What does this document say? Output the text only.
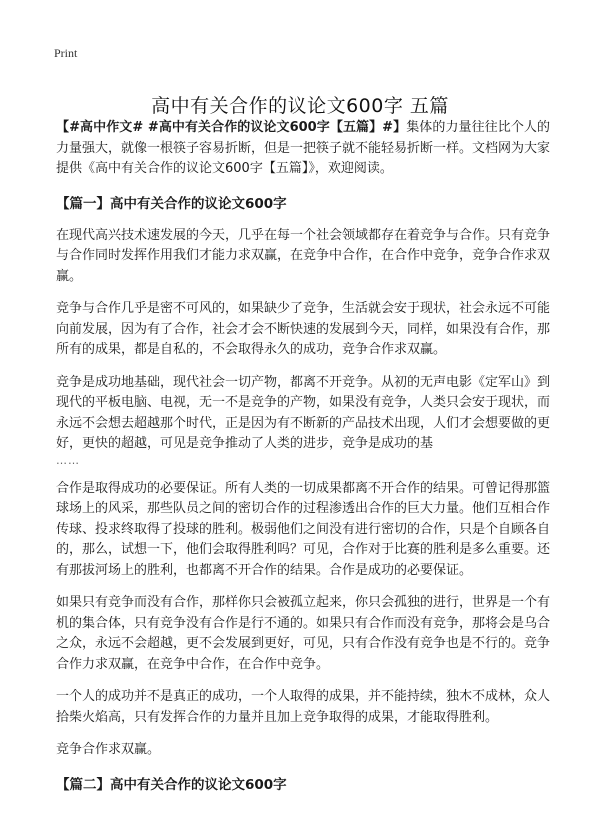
Print
高中有关合作的议论文600字 五篇

【#高中作文# #高中有关合作的议论文600字【五篇】#】集体的力量往往比个人的力量强大，就像一根筷子容易折断，但是一把筷子就不能轻易折断一样。文档网为大家提供《高中有关合作的议论文600字【五篇】》，欢迎阅读。

【篇一】高中有关合作的议论文600字

在现代高兴技术速发展的今天，几乎在每一个社会领域都存在着竞争与合作。只有竞争与合作同时发挥作用我们才能力求双赢，在竞争中合作，在合作中竞争，竞争合作求双赢。

竞争与合作几乎是密不可风的，如果缺少了竞争，生活就会安于现状，社会永远不可能向前发展，因为有了合作，社会才会不断快速的发展到今天，同样，如果没有合作，那所有的成果，都是自私的，不会取得永久的成功，竞争合作求双赢。

竞争是成功地基础，现代社会一切产物，都离不开竞争。从初的无声电影《定军山》到现代的平板电脑、电视，无一不是竞争的产物，如果没有竞争，人类只会安于现状，而永远不会想去超越那个时代，正是因为有不断新的产品技术出现，人们才会想要做的更好，更快的超越，可见是竞争推动了人类的进步，竞争是成功的基

……

合作是取得成功的必要保证。所有人类的一切成果都离不开合作的结果。可曾记得那篮球场上的风采，那些队员之间的密切合作的过程渗透出合作的巨大力量。他们互相合作传球、投求终取得了投球的胜利。极弱他们之间没有进行密切的合作，只是个自顾各自的，那么，试想一下，他们会取得胜利吗？可见，合作对于比赛的胜利是多么重要。还有那拔河场上的胜利，也都离不开合作的结果。合作是成功的必要保证。

如果只有竞争而没有合作，那样你只会被孤立起来，你只会孤独的进行，世界是一个有机的集合体，只有竞争没有合作是行不通的。如果只有合作而没有竞争，那将会是乌合之众，永远不会超越，更不会发展到更好，可见，只有合作没有竞争也是不行的。竞争合作力求双赢，在竞争中合作，在合作中竞争。

一个人的成功并不是真正的成功，一个人取得的成果，并不能持续，独木不成林，众人拾柴火焰高，只有发挥合作的力量并且加上竞争取得的成果，才能取得胜利。

竞争合作求双赢。

【篇二】高中有关合作的议论文600字
